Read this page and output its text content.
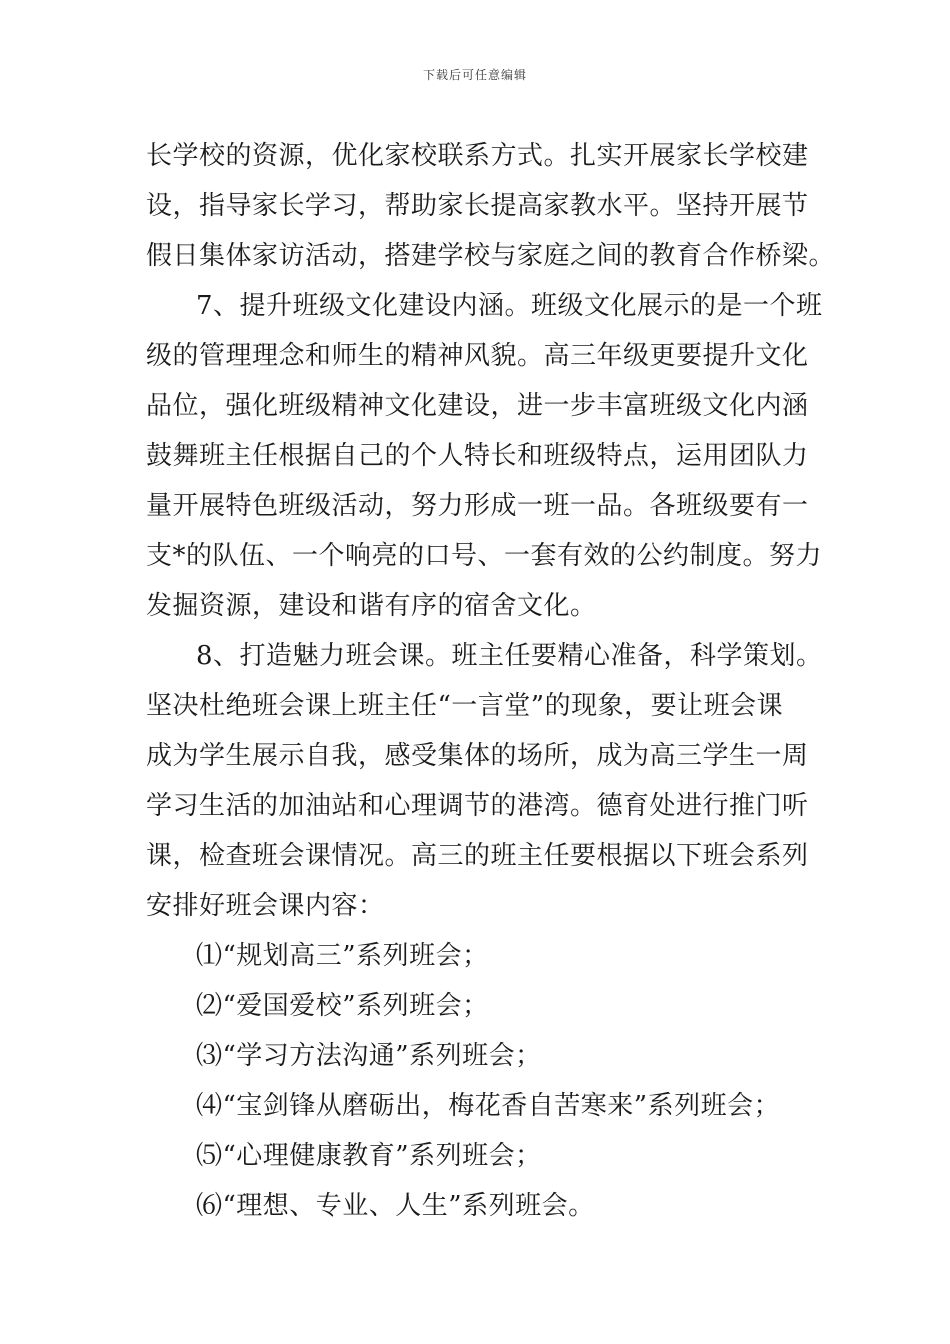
下载后可任意编辑
长学校的资源，优化家校联系方式。扎实开展家长学校建
设，指导家长学习，帮助家长提高家教水平。坚持开展节
假日集体家访活动，搭建学校与家庭之间的教育合作桥梁。
7、提升班级文化建设内涵。班级文化展示的是一个班
级的管理理念和师生的精神风貌。高三年级更要提升文化
品位，强化班级精神文化建设，进一步丰富班级文化内涵
鼓舞班主任根据自己的个人特长和班级特点，运用团队力
量开展特色班级活动，努力形成一班一品。各班级要有一
支*的队伍、一个响亮的口号、一套有效的公约制度。努力
发掘资源，建设和谐有序的宿舍文化。
8、打造魅力班会课。班主任要精心准备，科学策划。
坚决杜绝班会课上班主任“一言堂”的现象，要让班会课
成为学生展示自我，感受集体的场所，成为高三学生一周
学习生活的加油站和心理调节的港湾。德育处进行推门听
课，检查班会课情况。高三的班主任要根据以下班会系列
安排好班会课内容：
⑴“规划高三”系列班会；
⑵“爱国爱校”系列班会；
⑶“学习方法沟通”系列班会；
⑷“宝剑锋从磨砺出，梅花香自苦寒来”系列班会；
⑸“心理健康教育”系列班会；
⑹“理想、专业、人生”系列班会。
